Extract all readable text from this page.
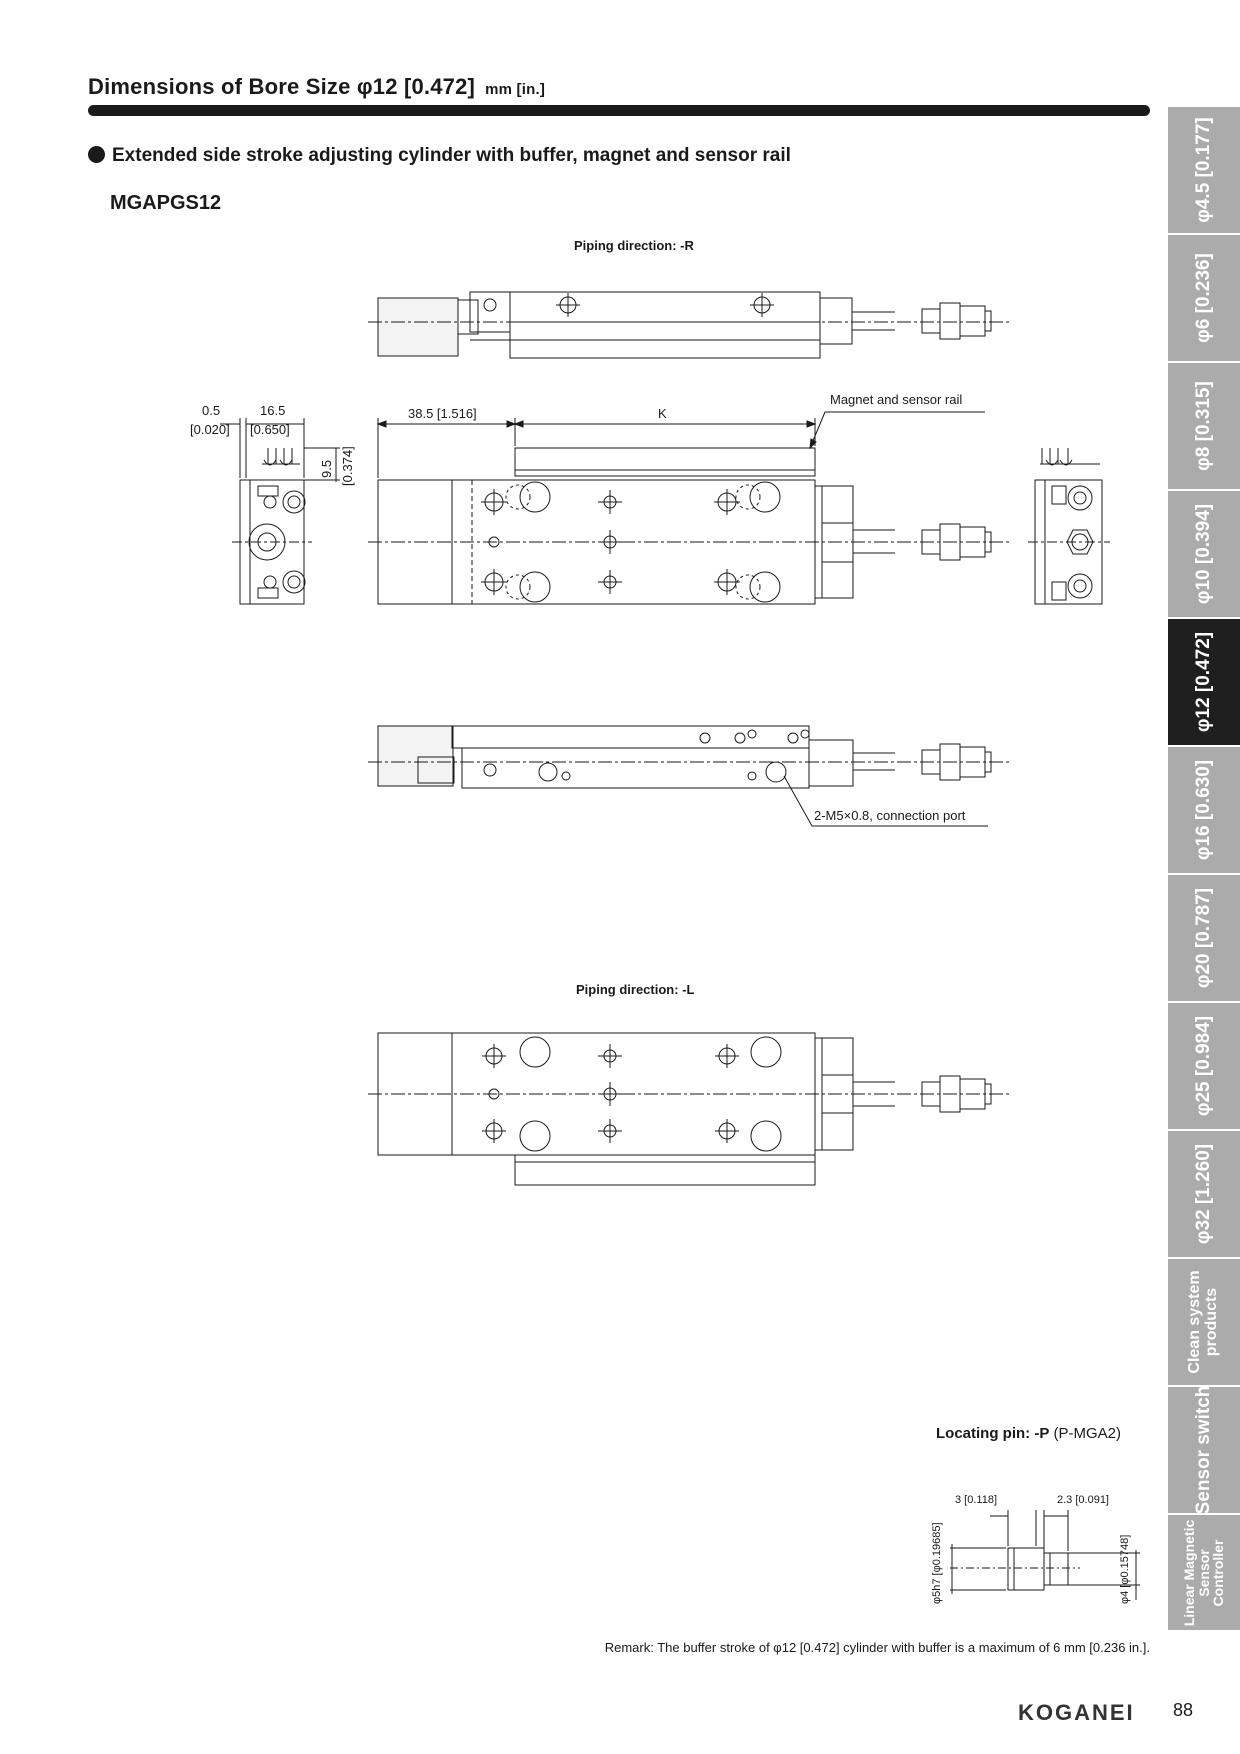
Dimensions of Bore Size φ12 [0.472] mm [in.]
Extended side stroke adjusting cylinder with buffer, magnet and sensor rail
MGAPGS12
Piping direction: -R
Piping direction: -L
0.5
[0.020]
16.5
[0.650]
9.5 [0.374]
38.5 [1.516]	K
Magnet and sensor rail
2-M5×0.8, connection port
3 [0.118]	2.3 [0.091]
φ5h7 [φ0.19685]	φ4 [φ0.15748]
Locating pin: -P (P-MGA2)
Remark: The buffer stroke of φ12 [0.472] cylinder with buffer is a maximum of 6 mm [0.236 in.].
KOGANEI 88
φ4.5 [0.177]
φ6 [0.236]
φ8 [0.315]
φ10 [0.394]
φ12 [0.472]
φ16 [0.630]
φ20 [0.787]
φ25 [0.984]
φ32 [1.260]
Clean system products
Sensor switch
Linear Magnetic Sensor Controller
